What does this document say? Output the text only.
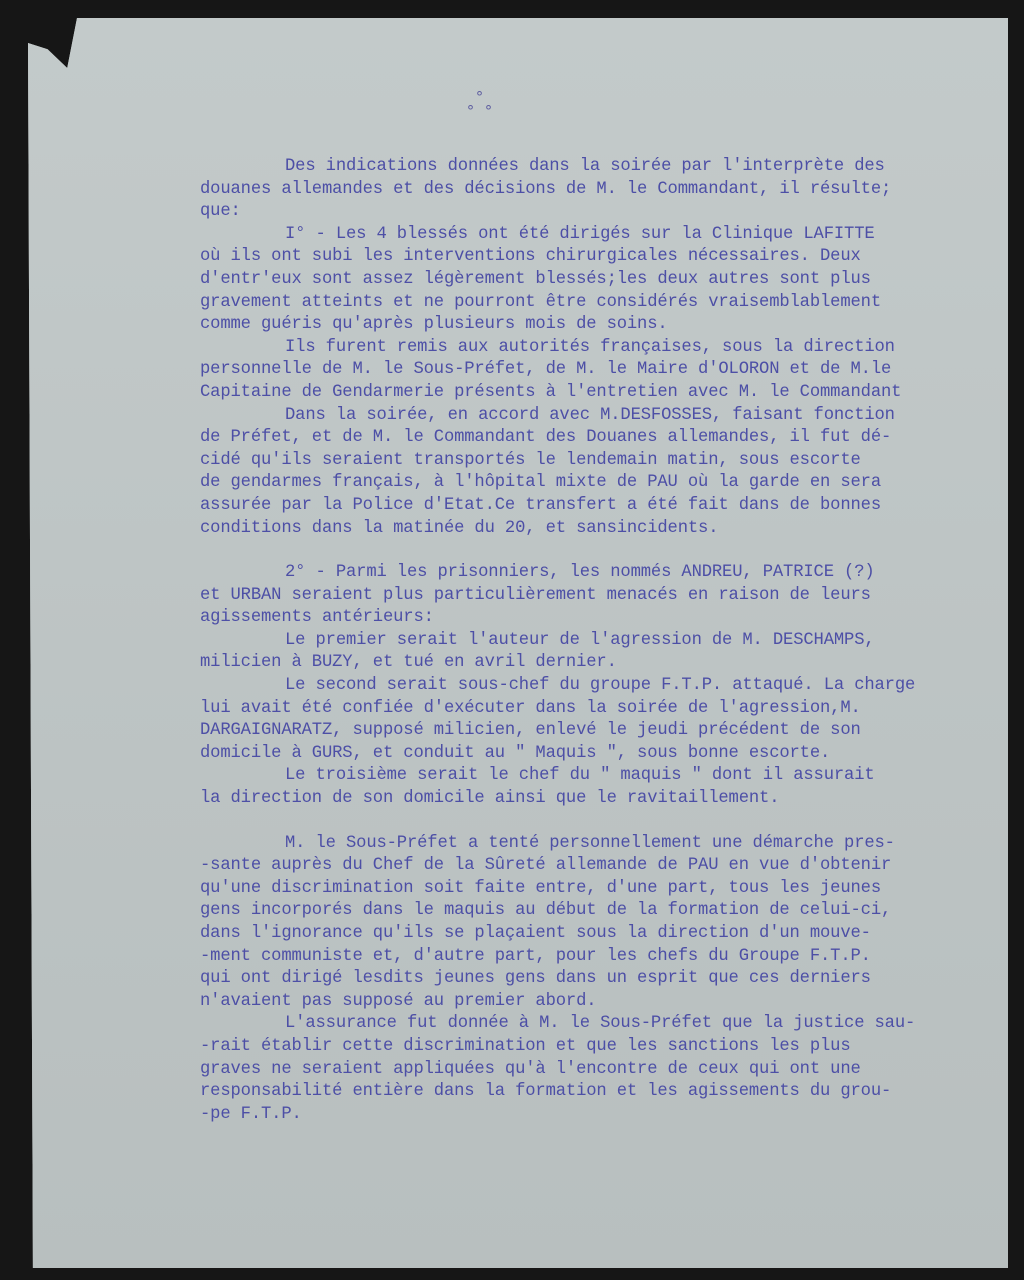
°
° °
Des indications données dans la soirée par l'interprète des
douanes allemandes et des décisions de M. le Commandant, il résulte;
que:
I° - Les 4 blessés ont été dirigés sur la Clinique LAFITTE
où ils ont subi les interventions chirurgicales nécessaires. Deux
d'entr'eux sont assez légèrement blessés;les deux autres sont plus
gravement atteints et ne pourront être considérés vraisemblablement
comme guéris qu'après plusieurs mois de soins.
Ils furent remis aux autorités françaises, sous la direction
personnelle de M. le Sous-Préfet, de M. le Maire d'OLORON et de M.le
Capitaine de Gendarmerie présents à l'entretien avec M. le Commandant
Dans la soirée, en accord avec M.DESFOSSES, faisant fonction
de Préfet, et de M. le Commandant des Douanes allemandes, il fut dé-
cidé qu'ils seraient transportés le lendemain matin, sous escorte
de gendarmes français, à l'hôpital mixte de PAU où la garde en sera
assurée par la Police d'Etat.Ce transfert a été fait dans de bonnes
conditions dans la matinée du 20, et sansincidents.
2° - Parmi les prisonniers, les nommés ANDREU, PATRICE (?)
et URBAN seraient plus particulièrement menacés en raison de leurs
agissements antérieurs:
Le premier serait l'auteur de l'agression de M. DESCHAMPS,
milicien à BUZY, et tué en avril dernier.
Le second serait sous-chef du groupe F.T.P. attaqué. La charge
lui avait été confiée d'exécuter dans la soirée de l'agression,M.
DARGAIGNARATZ, supposé milicien, enlevé le jeudi précédent de son
domicile à GURS, et conduit au " Maquis ", sous bonne escorte.
Le troisième serait le chef du " maquis " dont il assurait
la direction de son domicile ainsi que le ravitaillement.
M. le Sous-Préfet a tenté personnellement une démarche pres-
-sante auprès du Chef de la Sûreté allemande de PAU en vue d'obtenir
qu'une discrimination soit faite entre, d'une part, tous les jeunes
gens incorporés dans le maquis au début de la formation de celui-ci,
dans l'ignorance qu'ils se plaçaient sous la direction d'un mouve-
-ment communiste et, d'autre part, pour les chefs du Groupe F.T.P.
qui ont dirigé lesdits jeunes gens dans un esprit que ces derniers
n'avaient pas supposé au premier abord.
L'assurance fut donnée à M. le Sous-Préfet que la justice sau-
-rait établir cette discrimination et que les sanctions les plus
graves ne seraient appliquées qu'à l'encontre de ceux qui ont une
responsabilité entière dans la formation et les agissements du grou-
-pe F.T.P.
